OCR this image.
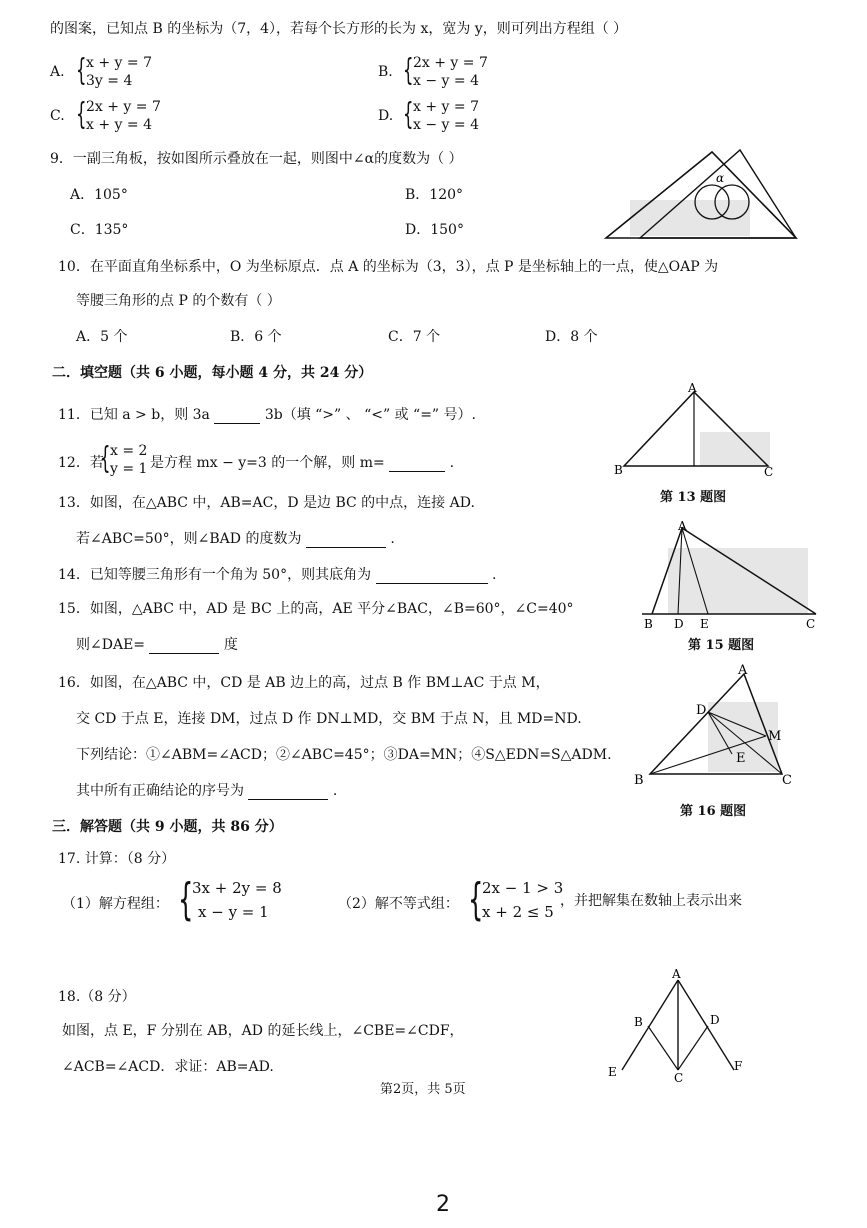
的图案，已知点 B 的坐标为（7，4），若每个长方形的长为 x，宽为 y，则可列出方程组（ ）
A. { x + y = 7
3y = 4
B. { 2x + y = 7
x − y = 4
C. { 2x + y = 7
x + y = 4
D. { x + y = 7
x − y = 4
9．一副三角板，按如图所示叠放在一起，则图中∠α的度数为（ ）
A．105°	B．120°
C．135°	D．150°
α
10．在平面直角坐标系中，O 为坐标原点．点 A 的坐标为（3，3），点 P 是坐标轴上的一点，使△OAP 为
等腰三角形的点 P 的个数有（ ）
A．5 个	B．6 个	C．7 个	D．8 个
二．填空题（共 6 小题，每小题 4 分，共 24 分）
11．已知 a > b，则 3a	3b（填 “>” 、 “<” 或 “=” 号）.
12．若
{ x = 2
y = 1 是方程 mx − y=3 的一个解，则 m=	.
13．如图，在△ABC 中，AB=AC，D 是边 BC 的中点，连接 AD.
若∠ABC=50°，则∠BAD 的度数为	.
A
B	C
第 13 题图
14．已知等腰三角形有一个角为 50°，则其底角为	.
15．如图，△ABC 中，AD 是 BC 上的高，AE 平分∠BAC，∠B=60°，∠C=40°
则∠DAE=	度
A
B D E	C
第 15 题图
16．如图，在△ABC 中，CD 是 AB 边上的高，过点 B 作 BM⊥AC 于点 M，
交 CD 于点 E，连接 DM，过点 D 作 DN⊥MD，交 BM 于点 N，且 MD=ND.
下列结论：①∠ABM=∠ACD；②∠ABC=45°；③DA=MN；④S△EDN=S△ADM.
其中所有正确结论的序号为	.
A
D
M
E
B	C
第 16 题图
三．解答题（共 9 小题，共 86 分）
17. 计算：（8 分）
（1）解方程组： {
3x + 2y = 8
x − y = 1	（2）解不等式组： {
2x − 1 > 3
x + 2 ≤ 5
，并把解集在数轴上表示出来
18.（8 分）
如图，点 E，F 分别在 AB，AD 的延长线上，∠CBE=∠CDF，
∠ACB=∠ACD．求证：AB=AD.
A
B	D
E	C
F
第2页，共 5页
2
